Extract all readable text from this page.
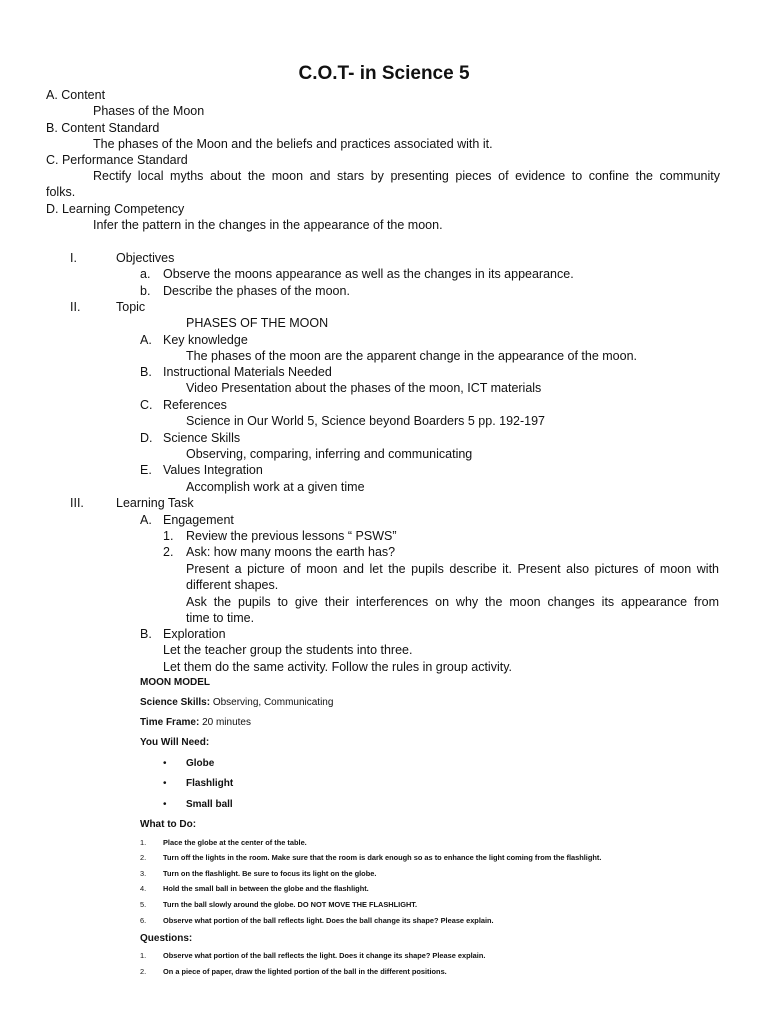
C.O.T- in Science 5
A. Content
Phases of the Moon
B. Content Standard
The phases of the Moon and the beliefs and practices associated with it.
C. Performance Standard
Rectify local myths about the moon and stars by presenting pieces of evidence to confine the community
folks.
D. Learning Competency
Infer the pattern in the changes in the appearance of the moon.
I.	Objectives
a. Observe the moons appearance as well as the changes in its appearance.
b. Describe the phases of the moon.
II.	Topic
PHASES OF THE MOON
A. Key knowledge
The phases of the moon are the apparent change in the appearance of the moon.
B. Instructional Materials Needed
Video Presentation about the phases of the moon, ICT materials
C. References
Science in Our World 5, Science beyond Boarders 5 pp. 192-197
D. Science Skills
Observing, comparing, inferring and communicating
E. Values Integration
Accomplish work at a given time
III.	Learning Task
A. Engagement
1. Review the previous lessons “ PSWS”
2. Ask: how many moons the earth has?
Present a picture of moon and let the pupils describe it. Present also pictures of moon with
different shapes.
Ask the pupils to give their interferences on why the moon changes its appearance from
time to time.
B. Exploration
Let the teacher group the students into three.
Let them do the same activity. Follow the rules in group activity.
MOON MODEL
Science Skills: Observing, Communicating
Time Frame: 20 minutes
You Will Need:
• Globe
• Flashlight
• Small ball
What to Do:
1. Place the globe at the center of the table.
2. Turn off the lights in the room. Make sure that the room is dark enough so as to enhance the light coming from the flashlight.
3. Turn on the flashlight. Be sure to focus its light on the globe.
4. Hold the small ball in between the globe and the flashlight.
5. Turn the ball slowly around the globe. DO NOT MOVE THE FLASHLIGHT.
6. Observe what portion of the ball reflects light. Does the ball change its shape? Please explain.
Questions:
1. Observe what portion of the ball reflects the light. Does it change its shape? Please explain.
2. On a piece of paper, draw the lighted portion of the ball in the different positions.
